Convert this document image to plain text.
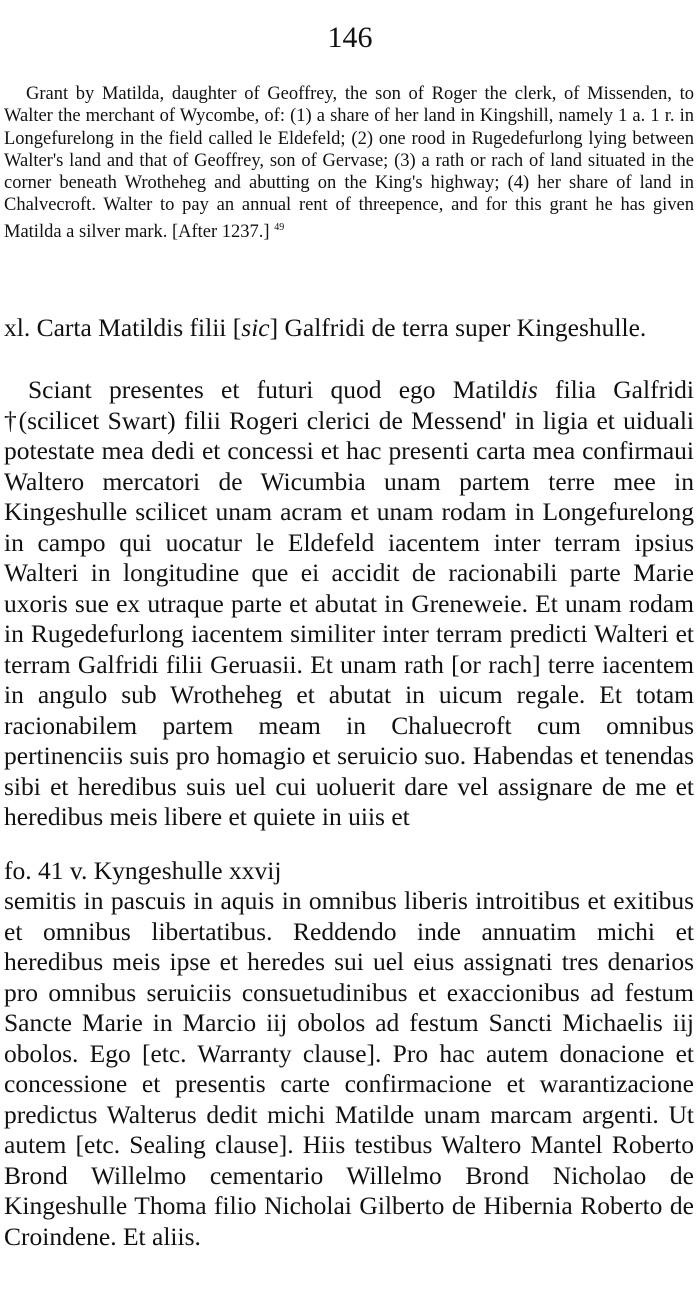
146
Grant by Matilda, daughter of Geoffrey, the son of Roger the clerk, of Missenden, to Walter the merchant of Wycombe, of: (1) a share of her land in Kingshill, namely 1 a. 1 r. in Longefurelong in the field called le Eldefeld; (2) one rood in Rugedefurlong lying between Walter's land and that of Geoffrey, son of Gervase; (3) a rath or rach of land situated in the corner beneath Wrotheheg and abutting on the King's highway; (4) her share of land in Chalvecroft. Walter to pay an annual rent of threepence, and for this grant he has given Matilda a silver mark. [After 1237.] $^{49}$
xl. Carta Matildis filii [sic] Galfridi de terra super Kingeshulle.
Sciant presentes et futuri quod ego Matildis filia Galfridi †(scilicet Swart) filii Rogeri clerici de Messend' in ligia et uiduali potestate mea dedi et concessi et hac presenti carta mea confirmaui Waltero mercatori de Wicumbia unam partem terre mee in Kingeshulle scilicet unam acram et unam rodam in Longefurelong in campo qui uocatur le Eldefeld iacentem inter terram ipsius Walteri in longitudine que ei accidit de racionabili parte Marie uxoris sue ex utraque parte et abutat in Greneweie. Et unam rodam in Rugedefurlong iacentem similiter inter terram predicti Walteri et terram Galfridi filii Geruasii. Et unam rath [or rach] terre iacentem in angulo sub Wrotheheg et abutat in uicum regale. Et totam racionabilem partem meam in Chaluecroft cum omnibus pertinenciis suis pro homagio et seruicio suo. Habendas et tenendas sibi et heredibus suis uel cui uoluerit dare vel assignare de me et heredibus meis libere et quiete in uiis et
fo. 41 v. Kyngeshulle xxvij
semitis in pascuis in aquis in omnibus liberis introitibus et exitibus et omnibus libertatibus. Reddendo inde annuatim michi et heredibus meis ipse et heredes sui uel eius assignati tres denarios pro omnibus seruiciis consuetudinibus et exaccionibus ad festum Sancte Marie in Marcio iij obolos ad festum Sancti Michaelis iij obolos. Ego [etc. Warranty clause]. Pro hac autem donacione et concessione et presentis carte confirmacione et warantizacione predictus Walterus dedit michi Matilde unam marcam argenti. Ut autem [etc. Sealing clause]. Hiis testibus Waltero Mantel Roberto Brond Willelmo cementario Willelmo Brond Nicholao de Kingeshulle Thoma filio Nicholai Gilberto de Hibernia Roberto de Croindene. Et aliis.
